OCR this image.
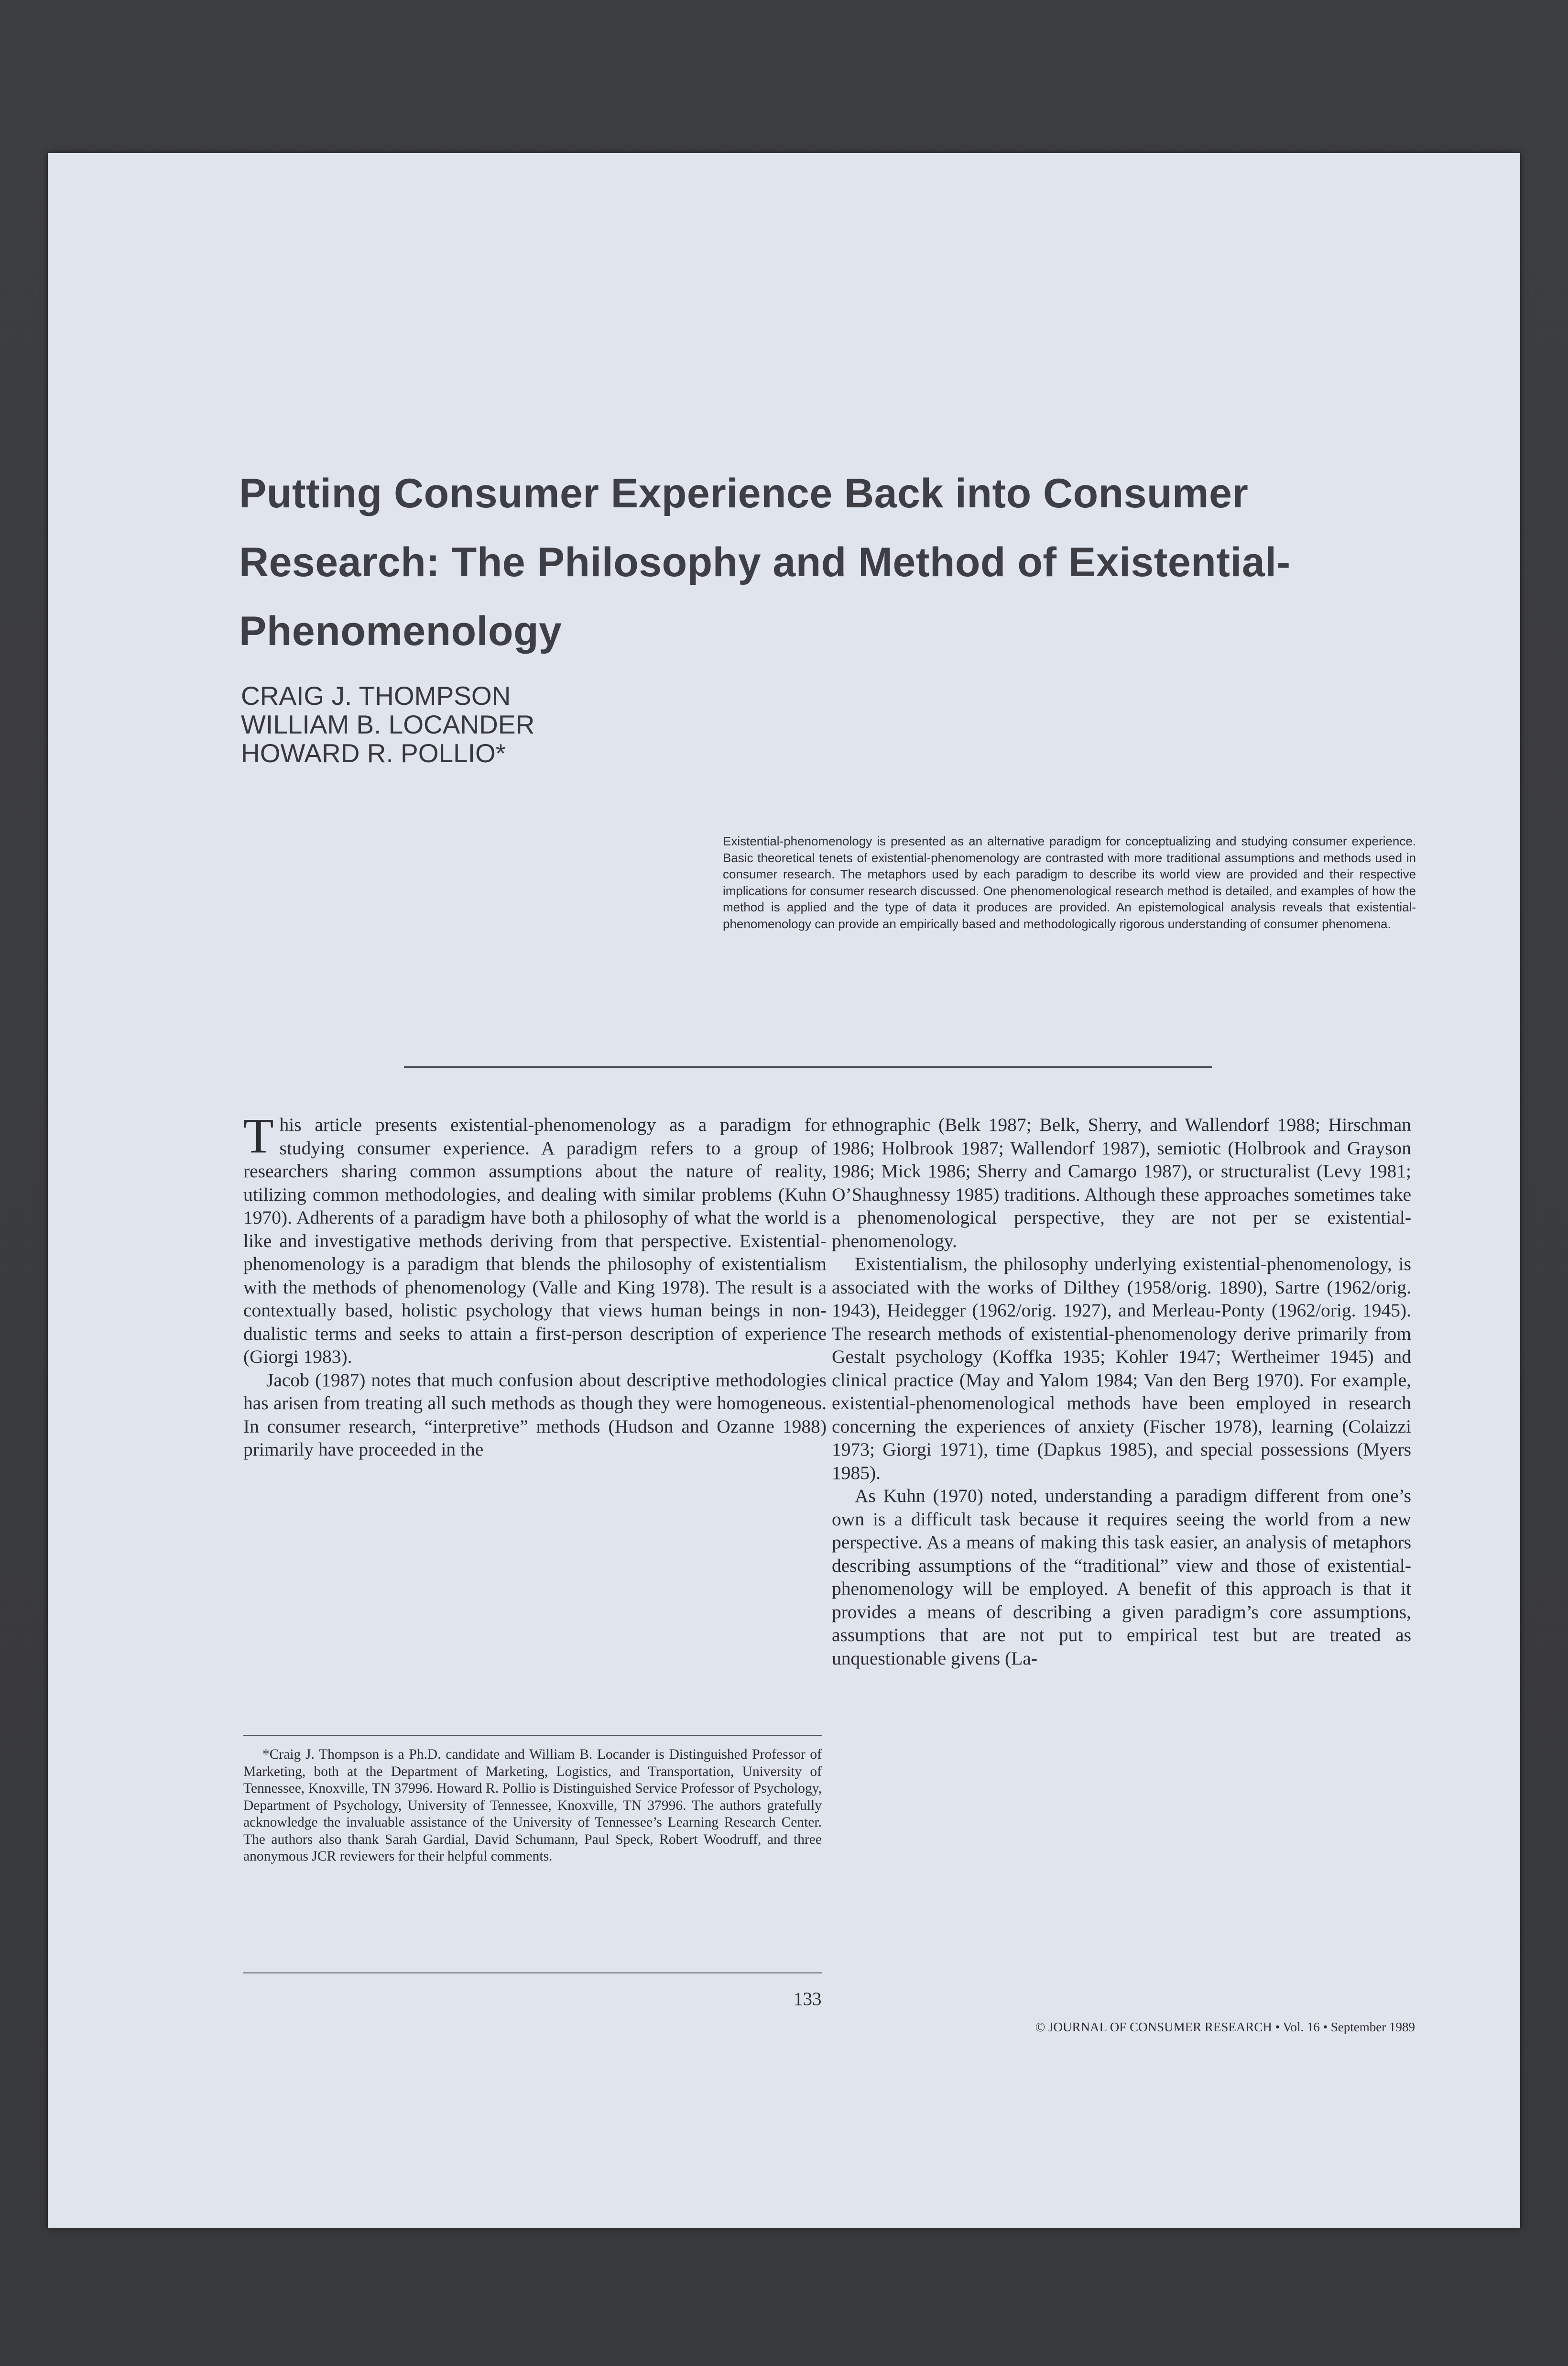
Putting Consumer Experience Back into Consumer Research: The Philosophy and Method of Existential-Phenomenology
CRAIG J. THOMPSON
WILLIAM B. LOCANDER
HOWARD R. POLLIO*

Existential-phenomenology is presented as an alternative paradigm for conceptualizing and studying consumer experience. Basic theoretical tenets of existential-phenomenology are contrasted with more traditional assumptions and methods used in consumer research. The metaphors used by each paradigm to describe its world view are provided and their respective implications for consumer research discussed. One phenomenological research method is detailed, and examples of how the method is applied and the type of data it produces are provided. An epistemological analysis reveals that existential-phenomenology can provide an empirically based and methodologically rigorous understanding of consumer phenomena.

This article presents existential-phenomenology as a paradigm for studying consumer experience. A paradigm refers to a group of researchers sharing common assumptions about the nature of reality, utilizing common methodologies, and dealing with similar problems (Kuhn 1970). Adherents of a paradigm have both a philosophy of what the world is like and investigative methods deriving from that perspective. Existential-phenomenology is a paradigm that blends the philosophy of existentialism with the methods of phenomenology (Valle and King 1978). The result is a contextually based, holistic psychology that views human beings in non-dualistic terms and seeks to attain a first-person description of experience (Giorgi 1983).

Jacob (1987) notes that much confusion about descriptive methodologies has arisen from treating all such methods as though they were homogeneous. In consumer research, “interpretive” methods (Hudson and Ozanne 1988) primarily have proceeded in the

ethnographic (Belk 1987; Belk, Sherry, and Wallendorf 1988; Hirschman 1986; Holbrook 1987; Wallendorf 1987), semiotic (Holbrook and Grayson 1986; Mick 1986; Sherry and Camargo 1987), or structuralist (Levy 1981; O’Shaughnessy 1985) traditions. Although these approaches sometimes take a phenomenological perspective, they are not per se existential-phenomenology.

Existentialism, the philosophy underlying existential-phenomenology, is associated with the works of Dilthey (1958/orig. 1890), Sartre (1962/orig. 1943), Heidegger (1962/orig. 1927), and Merleau-Ponty (1962/orig. 1945). The research methods of existential-phenomenology derive primarily from Gestalt psychology (Koffka 1935; Kohler 1947; Wertheimer 1945) and clinical practice (May and Yalom 1984; Van den Berg 1970). For example, existential-phenomenological methods have been employed in research concerning the experiences of anxiety (Fischer 1978), learning (Colaizzi 1973; Giorgi 1971), time (Dapkus 1985), and special possessions (Myers 1985).

As Kuhn (1970) noted, understanding a paradigm different from one’s own is a difficult task because it requires seeing the world from a new perspective. As a means of making this task easier, an analysis of metaphors describing assumptions of the “traditional” view and those of existential-phenomenology will be employed. A benefit of this approach is that it provides a means of describing a given paradigm’s core assumptions, assumptions that are not put to empirical test but are treated as unquestionable givens (La-

*Craig J. Thompson is a Ph.D. candidate and William B. Locander is Distinguished Professor of Marketing, both at the Department of Marketing, Logistics, and Transportation, University of Tennessee, Knoxville, TN 37996. Howard R. Pollio is Distinguished Service Professor of Psychology, Department of Psychology, University of Tennessee, Knoxville, TN 37996. The authors gratefully acknowledge the invaluable assistance of the University of Tennessee’s Learning Research Center. The authors also thank Sarah Gardial, David Schumann, Paul Speck, Robert Woodruff, and three anonymous JCR reviewers for their helpful comments.

133
© JOURNAL OF CONSUMER RESEARCH • Vol. 16 • September 1989
